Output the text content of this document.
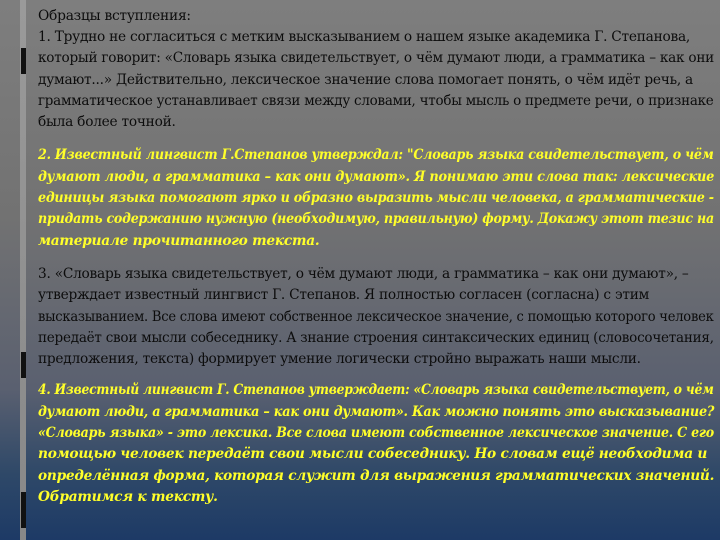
Образцы вступления:

1. Трудно не согласиться с метким высказыванием о нашем языке академика Г. Степанова,

который говорит: «Словарь языка свидетельствует, о чём думают люди, а грамматика – как они

думают...» Действительно, лексическое значение слова помогает понять, о чём идёт речь, а

грамматическое устанавливает связи между словами, чтобы мысль о предмете речи, о признаке

была более точной.

2. Известный лингвист Г.Степанов утверждал: "Словарь языка свидетельствует, о чём

думают люди, а грамматика – как они думают». Я понимаю эти слова так: лексические

единицы языка помогают ярко и образно выразить мысли человека, а грамматические -

придать содержанию нужную (необходимую, правильную) форму. Докажу этот тезис на

материале прочитанного текста.

3. «Словарь языка свидетельствует, о чём думают люди, а грамматика – как они думают», –

утверждает известный лингвист Г. Степанов. Я полностью согласен (согласна) с этим

высказыванием. Все слова имеют собственное лексическое значение, с помощью которого человек

передаёт свои мысли собеседнику. А знание строения синтаксических единиц (словосочетания,

предложения, текста) формирует умение логически стройно выражать наши мысли.

4. Известный лингвист Г. Степанов утверждает: «Словарь языка свидетельствует, о чём

думают люди, а грамматика – как они думают». Как можно понять это высказывание?

«Словарь языка» - это лексика. Все слова имеют собственное лексическое значение. С его

помощью человек передаёт свои мысли собеседнику. Но словам ещё необходима и

определённая форма, которая служит для выражения грамматических значений.

Обратимся к тексту.
